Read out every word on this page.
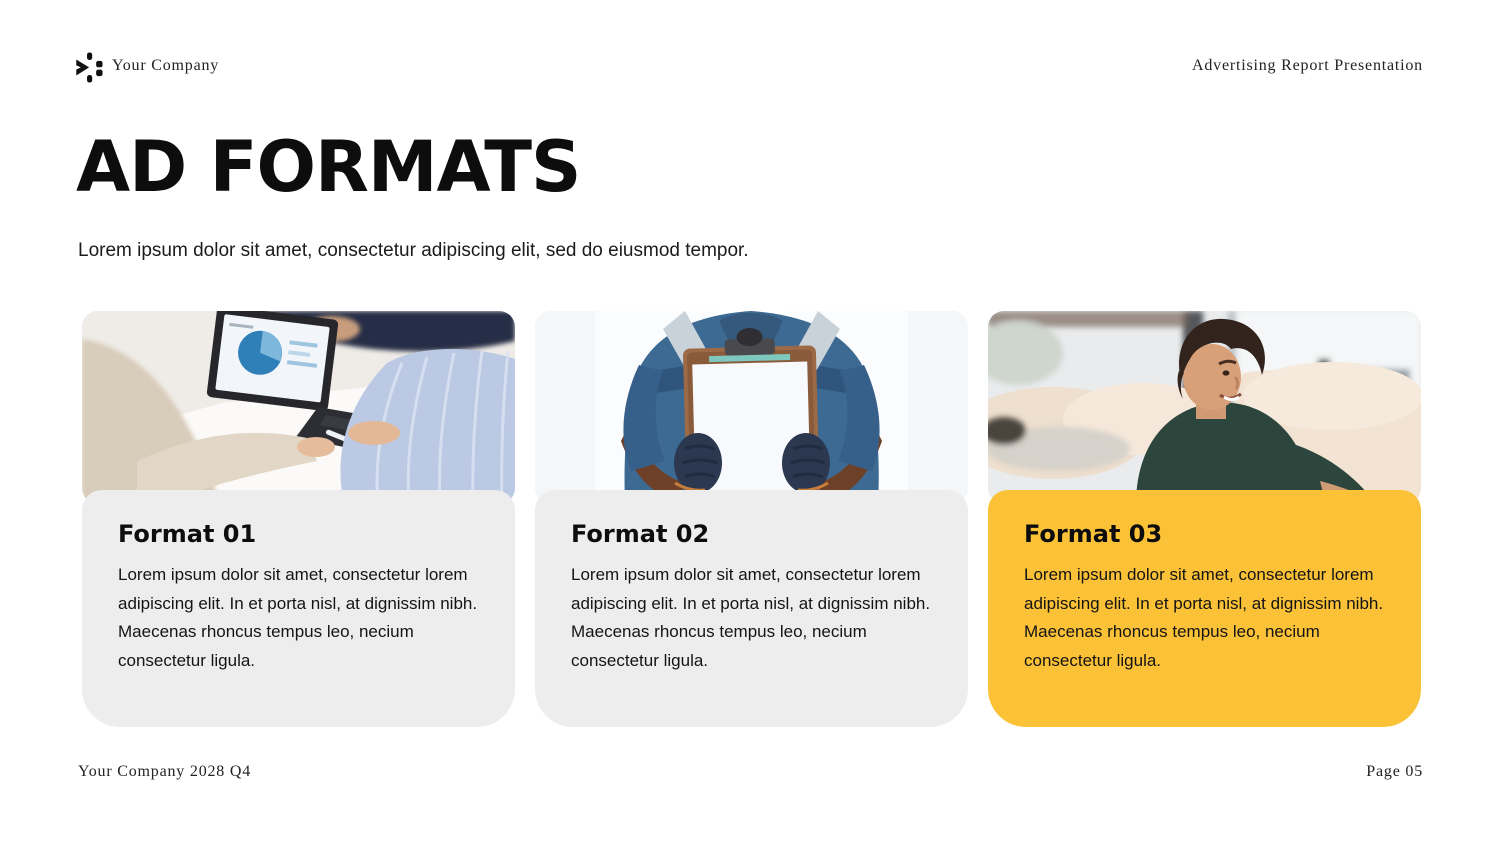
Your Company	Advertising Report Presentation
AD FORMATS
Lorem ipsum dolor sit amet, consectetur adipiscing elit, sed do eiusmod tempor.
Format 01

Lorem ipsum dolor sit amet, consectetur lorem adipiscing elit. In et porta nisl, at dignissim nibh. Maecenas rhoncus tempus leo, necium consectetur ligula.

Format 02

Lorem ipsum dolor sit amet, consectetur lorem adipiscing elit. In et porta nisl, at dignissim nibh. Maecenas rhoncus tempus leo, necium consectetur ligula.

Format 03

Lorem ipsum dolor sit amet, consectetur lorem adipiscing elit. In et porta nisl, at dignissim nibh. Maecenas rhoncus tempus leo, necium consectetur ligula.

Your Company 2028 Q4	Page 05
